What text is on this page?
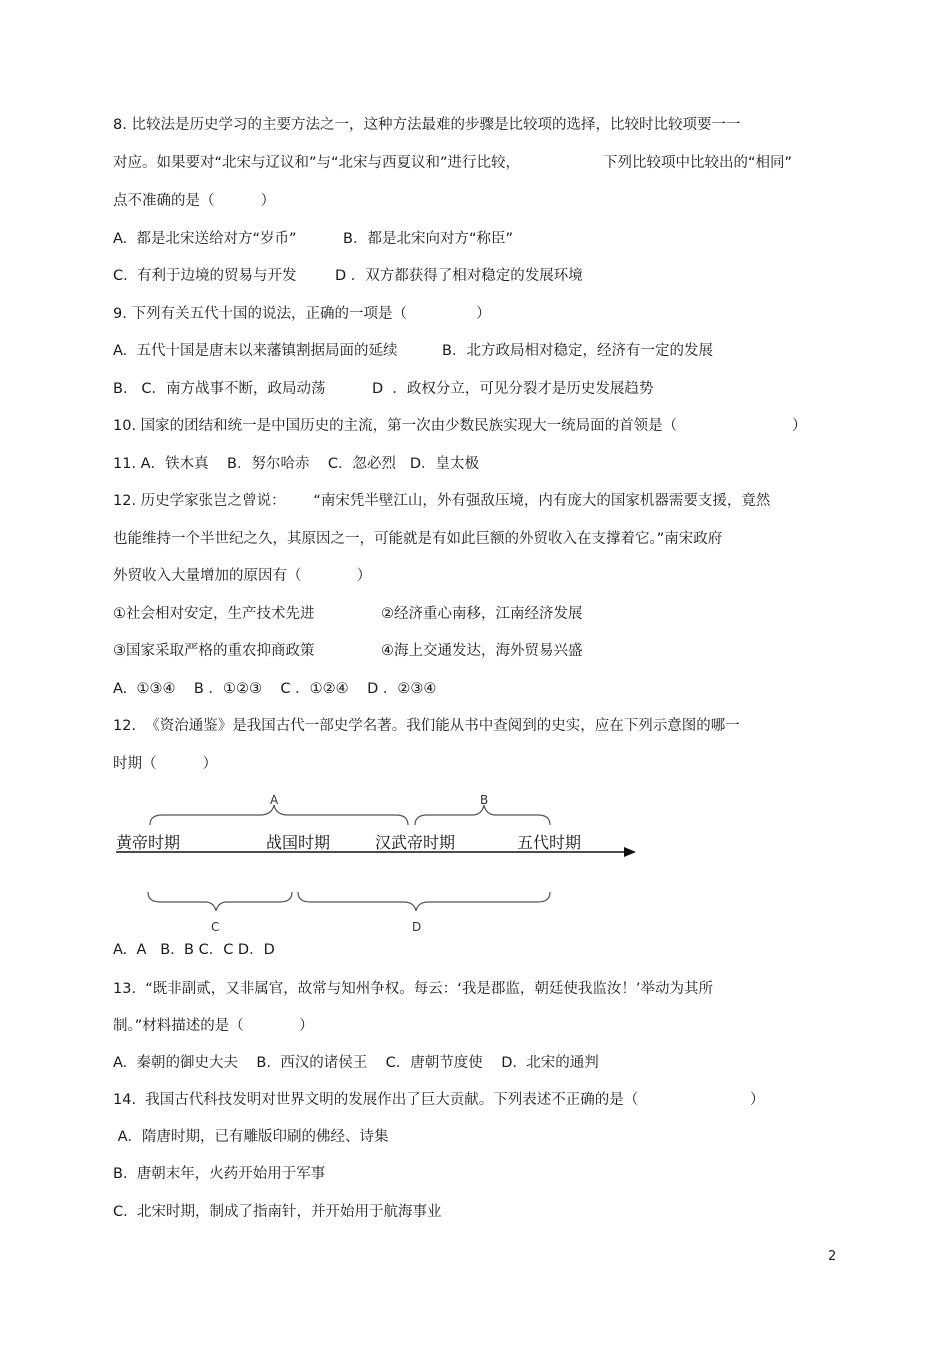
8. 比较法是历史学习的主要方法之一，这种方法最难的步骤是比较项的选择，比较时比较项要一一
对应。如果要对“北宋与辽议和”与“北宋与西夏议和”进行比较，	下列比较项中比较出的“相同”
点不准确的是（          ）
A.  都是北宋送给对方“岁币”	B．都是北宋向对方“称臣”
C.  有利于边境的贸易与开发	D ．双方都获得了相对稳定的发展环境
9. 下列有关五代十国的说法，正确的一项是（               ）
A.  五代十国是唐末以来藩镇割据局面的延续	B．北方政局相对稳定，经济有一定的发展
B.   C．南方战事不断，政局动荡	D  ．政权分立，可见分裂才是历史发展趋势
10. 国家的团结和统一是中国历史的主流，第一次由少数民族实现大一统局面的首领是（	）
11. A．铁木真    B．努尔哈赤    C．忽必烈   D．皇太极
12. 历史学家张岂之曾说：      “南宋凭半壁江山，外有强敌压境，内有庞大的国家机器需要支援，竟然
也能维持一个半世纪之久，其原因之一，可能就是有如此巨额的外贸收入在支撑着它。”南宋政府
外贸收入大量增加的原因有（            ）
①社会相对安定，生产技术先进	②经济重心南移，江南经济发展
③国家采取严格的重农抑商政策	④海上交通发达，海外贸易兴盛
A.  ①③④    B ．①②③    C ．①②④    D ．②③④
12.  《资治通鉴》是我国古代一部史学名著。我们能从书中查阅到的史实，应在下列示意图的哪一
时期（          ）
A.  A   B.  B C．C D．D
13.  “既非副贰，又非属官，故常与知州争权。每云：‘我是郡监，朝廷使我监汝！’举动为其所
制。”材料描述的是（            ）
A.  秦朝的御史大夫    B.  西汉的诸侯王    C．唐朝节度使    D.  北宋的通判
14.  我国古代科技发明对世界文明的发展作出了巨大贡献。下列表述不正确的是（	）
A．隋唐时期，已有雕版印刷的佛经、诗集
B.  唐朝末年，火药开始用于军事
C.  北宋时期，制成了指南针，并开始用于航海事业
黄帝时期	战国时期	汉武帝时期	五代时期
A	B
C	D
2
